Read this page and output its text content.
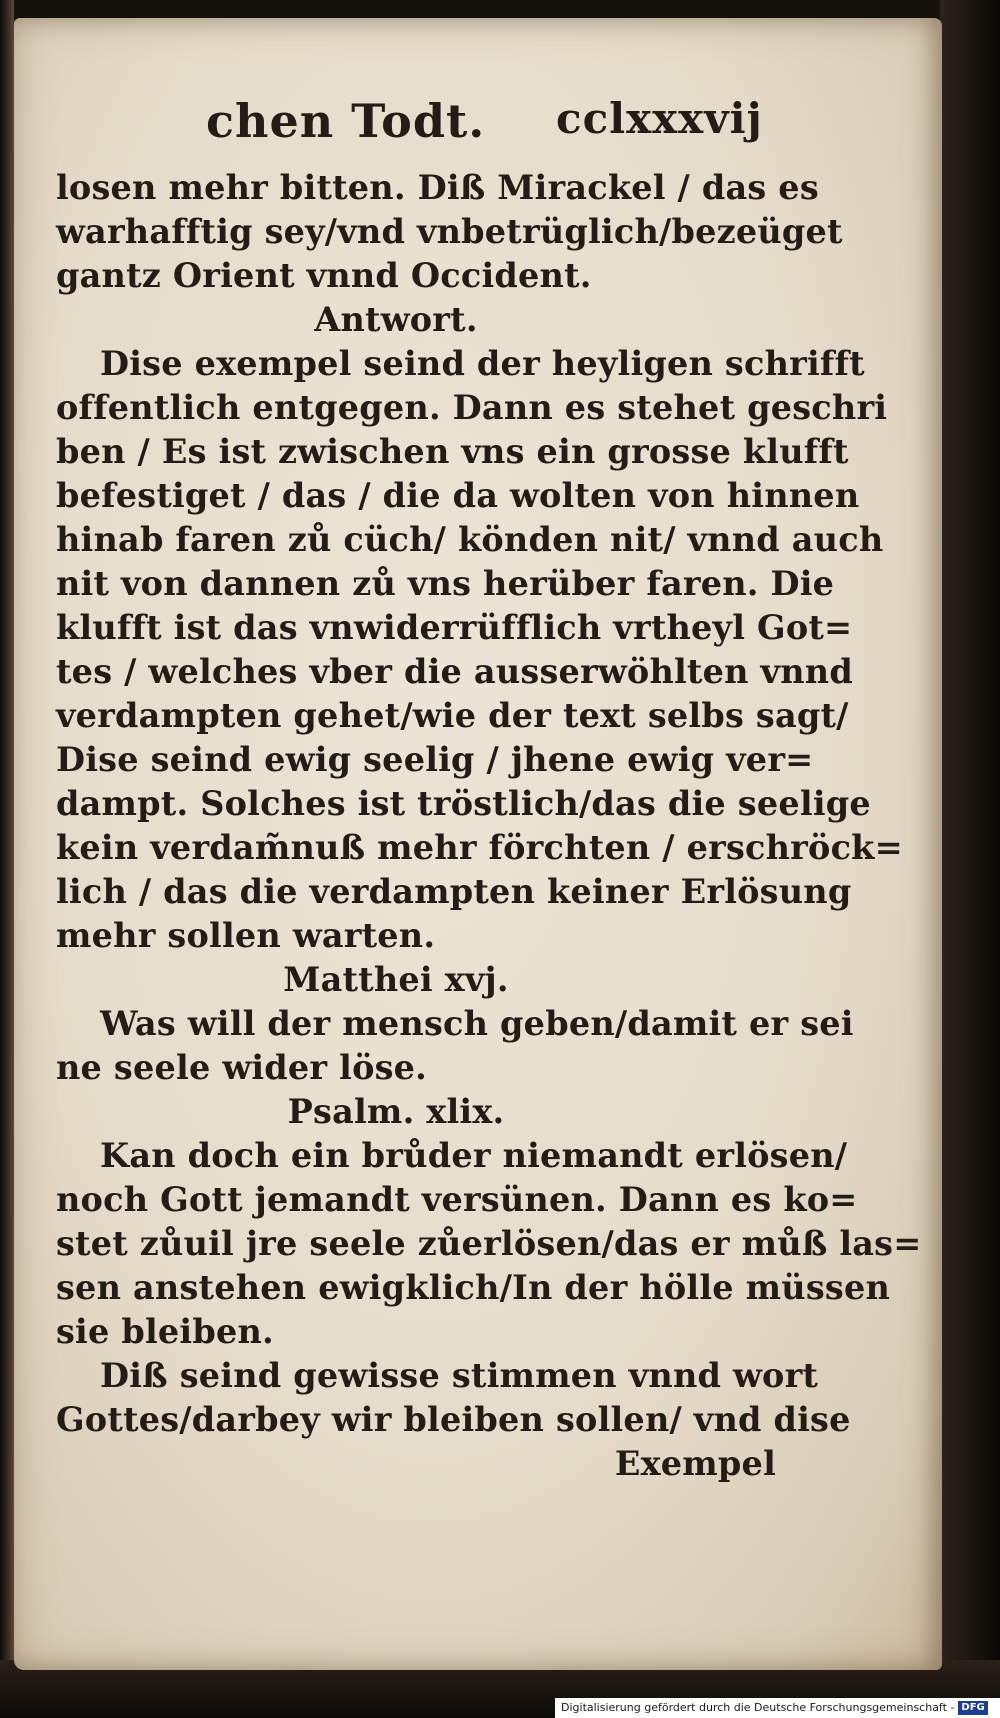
chen Todt. cclxxxvij
losen mehr bitten. Diß Mirackel / das es
warhafftig sey/vnd vnbetrüglich/bezeüget
gantz Orient vnnd Occident.
Antwort.
Dise exempel seind der heyligen schrifft
offentlich entgegen. Dann es stehet geschri
ben / Es ist zwischen vns ein grosse klufft
befestiget / das / die da wolten von hinnen
hinab faren zů cüch/ könden nit/ vnnd auch
nit von dannen zů vns herüber faren. Die
klufft ist das vnwiderrüfflich vrtheyl Got=
tes / welches vber die ausserwöhlten vnnd
verdampten gehet/wie der text selbs sagt/
Dise seind ewig seelig / jhene ewig ver=
dampt. Solches ist tröstlich/das die seelige
kein verdam̃nuß mehr förchten / erschröck=
lich / das die verdampten keiner Erlösung
mehr sollen warten.
Matthei xvj.
Was will der mensch geben/damit er sei
ne seele wider löse.
Psalm. xlix.
Kan doch ein brůder niemandt erlösen/
noch Gott jemandt versünen. Dann es ko=
stet zůuil jre seele zůerlösen/das er můß las=
sen anstehen ewigklich/In der hölle müssen
sie bleiben.
Diß seind gewisse stimmen vnnd wort
Gottes/darbey wir bleiben sollen/ vnd dise
Exempel
Digitalisierung gefördert durch die Deutsche Forschungsgemeinschaft - DFG
